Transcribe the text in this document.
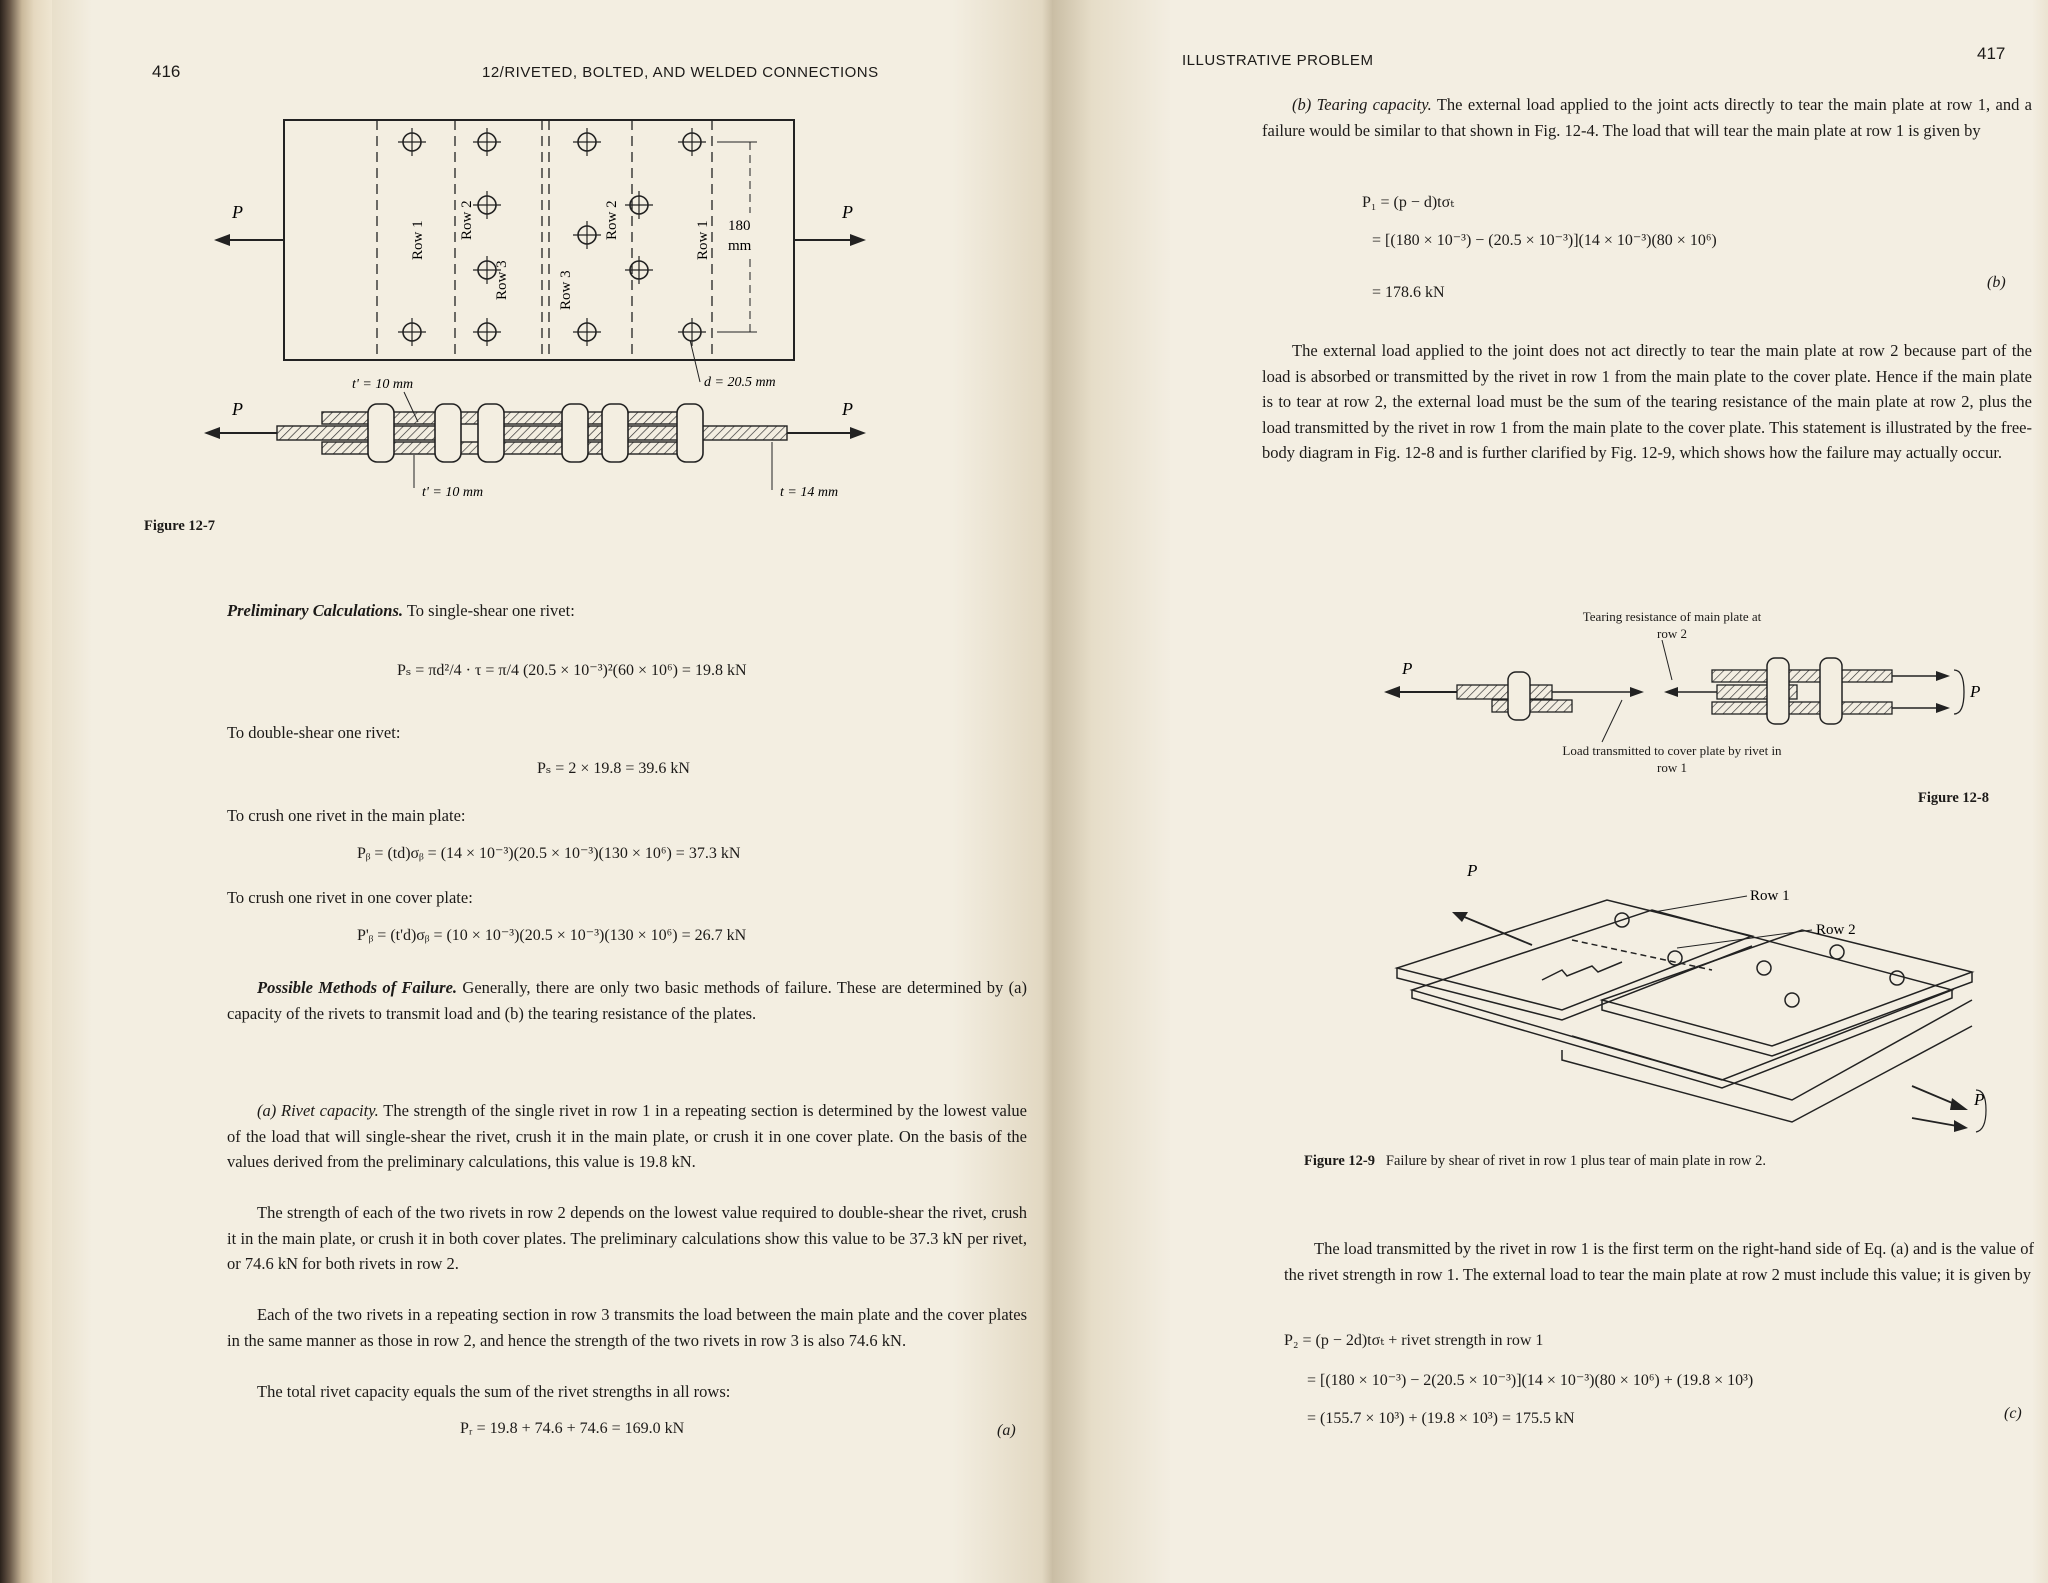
416	12/RIVETED, BOLTED, AND WELDED CONNECTIONS
Row 1
Row 2
Row 3	Row 3
Row 2
Row 1 180
mm
P	P
t' = 10 mm	d = 20.5 mm
P	P
t' = 10 mm	t = 14 mm
Figure 12-7
Preliminary Calculations. To single-shear one rivet:
Pₛ = πd²/4 · τ = π/4 (20.5 × 10⁻³)²(60 × 10⁶) = 19.8 kN
To double-shear one rivet:
Pₛ = 2 × 19.8 = 39.6 kN
To crush one rivet in the main plate:
Pᵦ = (td)σᵦ = (14 × 10⁻³)(20.5 × 10⁻³)(130 × 10⁶) = 37.3 kN
To crush one rivet in one cover plate:
P'ᵦ = (t'd)σᵦ = (10 × 10⁻³)(20.5 × 10⁻³)(130 × 10⁶) = 26.7 kN
Possible Methods of Failure. Generally, there are only two basic methods of failure. These are determined by (a) capacity of the rivets to transmit load and (b) the tearing resistance of the plates.
(a) Rivet capacity. The strength of the single rivet in row 1 in a repeating section is determined by the lowest value of the load that will single-shear the rivet, crush it in the main plate, or crush it in one cover plate. On the basis of the values derived from the preliminary calculations, this value is 19.8 kN.
The strength of each of the two rivets in row 2 depends on the lowest value required to double-shear the rivet, crush it in the main plate, or crush it in both cover plates. The preliminary calculations show this value to be 37.3 kN per rivet, or 74.6 kN for both rivets in row 2.
Each of the two rivets in a repeating section in row 3 transmits the load between the main plate and the cover plates in the same manner as those in row 2, and hence the strength of the two rivets in row 3 is also 74.6 kN.
The total rivet capacity equals the sum of the rivet strengths in all rows:
Pᵣ = 19.8 + 74.6 + 74.6 = 169.0 kN	(a)
ILLUSTRATIVE PROBLEM	417
(b) Tearing capacity. The external load applied to the joint acts directly to tear the main plate at row 1, and a failure would be similar to that shown in Fig. 12-4. The load that will tear the main plate at row 1 is given by
P₁ = (p − d)tσₜ
= [(180 × 10⁻³) − (20.5 × 10⁻³)](14 × 10⁻³)(80 × 10⁶)
= 178.6 kN
(b)
The external load applied to the joint does not act directly to tear the main plate at row 2 because part of the load is absorbed or transmitted by the rivet in row 1 from the main plate to the cover plate. Hence if the main plate is to tear at row 2, the external load must be the sum of the tearing resistance of the main plate at row 2, plus the load transmitted by the rivet in row 1 from the main plate to the cover plate. This statement is illustrated by the free-body diagram in Fig. 12-8 and is further clarified by Fig. 12-9, which shows how the failure may actually occur.
Tearing resistance of main plate at row 2
P
P
Load transmitted to cover plate by rivet in row 1
Figure 12-8
P
P
Row 1
Row 2
Figure 12-9 Failure by shear of rivet in row 1 plus tear of main plate in row 2.
The load transmitted by the rivet in row 1 is the first term on the right-hand side of Eq. (a) and is the value of the rivet strength in row 1. The external load to tear the main plate at row 2 must include this value; it is given by
P₂ = (p − 2d)tσₜ + rivet strength in row 1
= [(180 × 10⁻³) − 2(20.5 × 10⁻³)](14 × 10⁻³)(80 × 10⁶) + (19.8 × 10³)
= (155.7 × 10³) + (19.8 × 10³) = 175.5 kN	(c)
